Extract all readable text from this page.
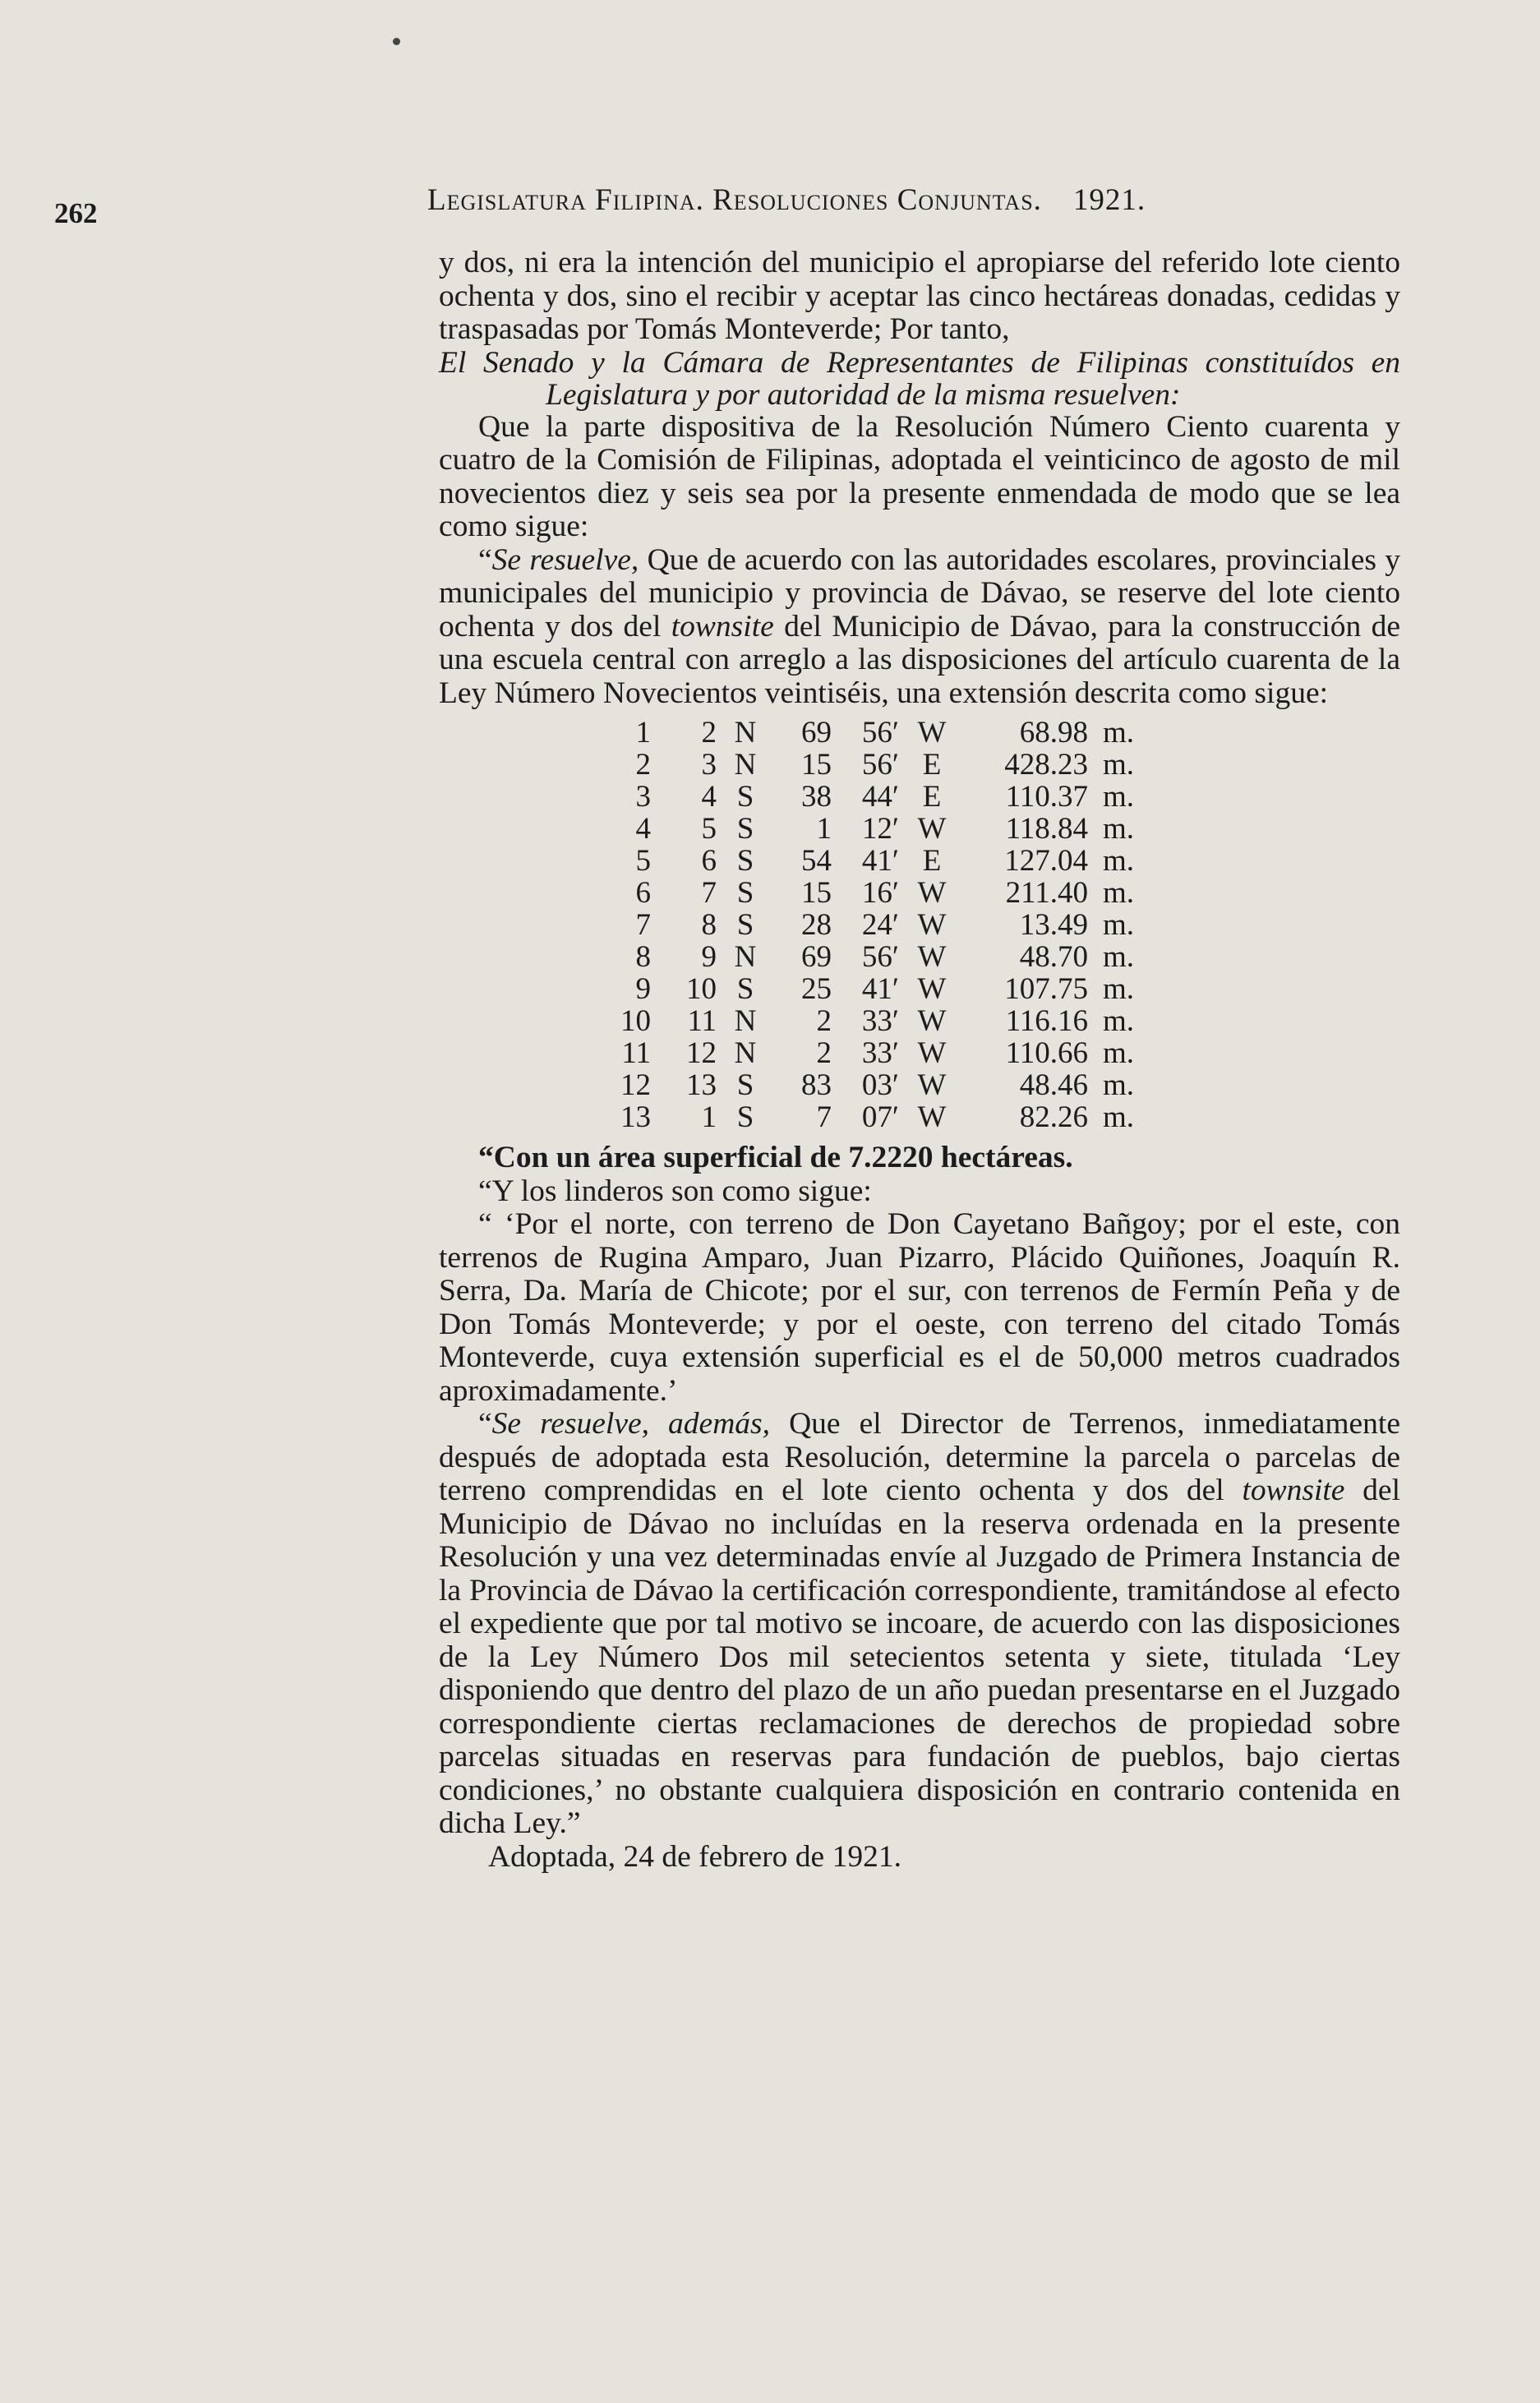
262	Legislatura Filipina. Resoluciones Conjuntas. 1921.

y dos, ni era la intención del municipio el apropiarse del referido lote ciento ochenta y dos, sino el recibir y aceptar las cinco hectáreas donadas, cedidas y traspasadas por Tomás Monteverde; Por tanto,

El Senado y la Cámara de Representantes de Filipinas constituídos en Legislatura y por autoridad de la misma resuelven:

Que la parte dispositiva de la Resolución Número Ciento cuarenta y cuatro de la Comisión de Filipinas, adoptada el veinticinco de agosto de mil novecientos diez y seis sea por la presente enmendada de modo que se lea como sigue:

“Se resuelve, Que de acuerdo con las autoridades escolares, provinciales y municipales del municipio y provincia de Dávao, se reserve del lote ciento ochenta y dos del townsite del Municipio de Dávao, para la construcción de una escuela central con arreglo a las disposiciones del artículo cuarenta de la Ley Número Novecientos veintiséis, una extensión descrita como sigue:

1	2	N	69	56′	W	68.98	m.
2	3	N	15	56′	E	428.23	m.
3	4	S	38	44′	E	110.37	m.
4	5	S	1	12′	W	118.84	m.
5	6	S	54	41′	E	127.04	m.
6	7	S	15	16′	W	211.40	m.
7	8	S	28	24′	W	13.49	m.
8	9	N	69	56′	W	48.70	m.
9	10	S	25	41′	W	107.75	m.
10	11	N	2	33′	W	116.16	m.
11	12	N	2	33′	W	110.66	m.
12	13	S	83	03′	W	48.46	m.
13	1	S	7	07′	W	82.26	m.

“Con un área superficial de 7.2220 hectáreas.

“Y los linderos son como sigue:

“ ‘Por el norte, con terreno de Don Cayetano Bañgoy; por el este, con terrenos de Rugina Amparo, Juan Pizarro, Plácido Quiñones, Joaquín R. Serra, Da. María de Chicote; por el sur, con terrenos de Fermín Peña y de Don Tomás Monteverde; y por el oeste, con terreno del citado Tomás Monteverde, cuya extensión superficial es el de 50,000 metros cuadrados aproximadamente.’

“Se resuelve, además, Que el Director de Terrenos, inmediatamente después de adoptada esta Resolución, determine la parcela o parcelas de terreno comprendidas en el lote ciento ochenta y dos del townsite del Municipio de Dávao no incluídas en la reserva ordenada en la presente Resolución y una vez determinadas envíe al Juzgado de Primera Instancia de la Provincia de Dávao la certificación correspondiente, tramitándose al efecto el expediente que por tal motivo se incoare, de acuerdo con las disposiciones de la Ley Número Dos mil setecientos setenta y siete, titulada ‘Ley disponiendo que dentro del plazo de un año puedan presentarse en el Juzgado correspondiente ciertas reclamaciones de derechos de propiedad sobre parcelas situadas en reservas para fundación de pueblos, bajo ciertas condiciones,’ no obstante cualquiera disposición en contrario contenida en dicha Ley.”

Adoptada, 24 de febrero de 1921.
